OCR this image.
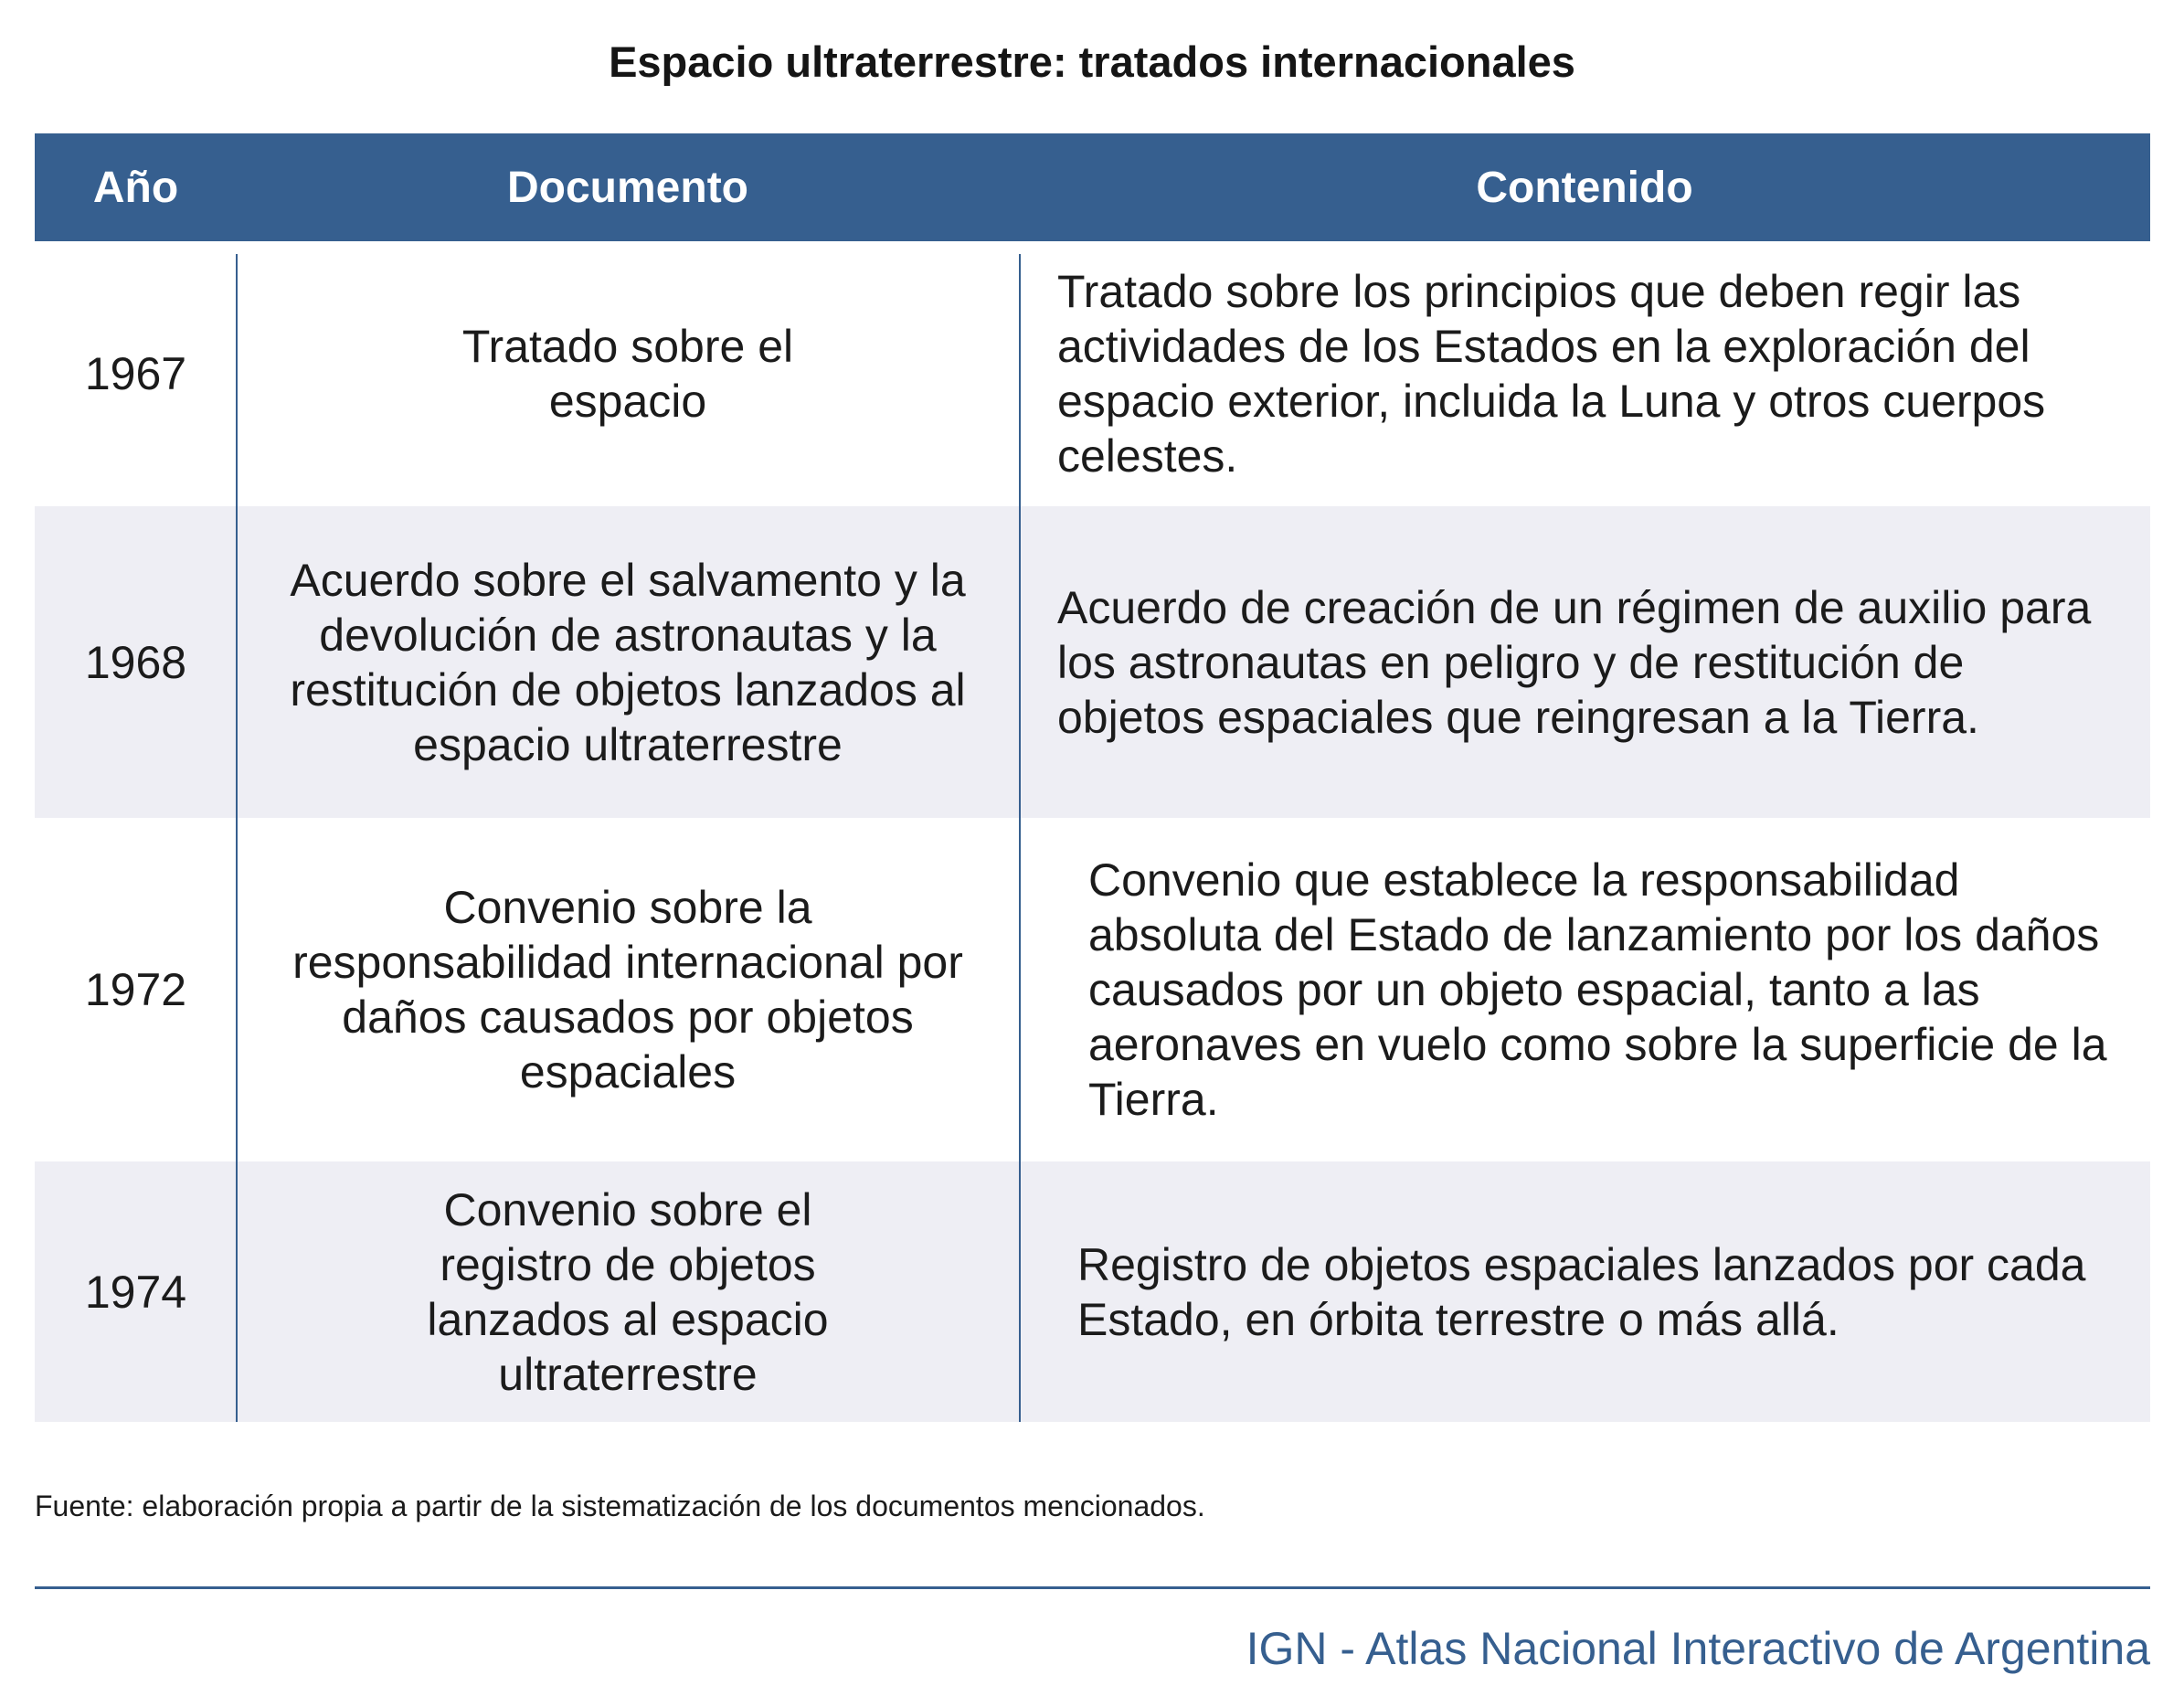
Espacio ultraterrestre: tratados internacionales
Año	Documento	Contenido
1967
Tratado sobre el espacio
Tratado sobre los principios que deben regir las actividades de los Estados en la exploración del espacio exterior, incluida la Luna y otros cuerpos celestes.
1968
Acuerdo sobre el salvamento y la devolución de astronautas y la restitución de objetos lanzados al espacio ultraterrestre
Acuerdo de creación de un régimen de auxilio para los astronautas en peligro y de restitución de objetos espaciales que reingresan a la Tierra.
1972
Convenio sobre la responsabilidad internacional por daños causados por objetos espaciales
Convenio que establece la responsabilidad absoluta del Estado de lanzamiento por los daños causados por un objeto espacial, tanto a las aeronaves en vuelo como sobre la superficie de la Tierra.
1974
Convenio sobre el registro de objetos lanzados al espacio ultraterrestre
Registro de objetos espaciales lanzados por cada Estado, en órbita terrestre o más allá.
Fuente: elaboración propia a partir de la sistematización de los documentos mencionados.
IGN - Atlas Nacional Interactivo de Argentina
